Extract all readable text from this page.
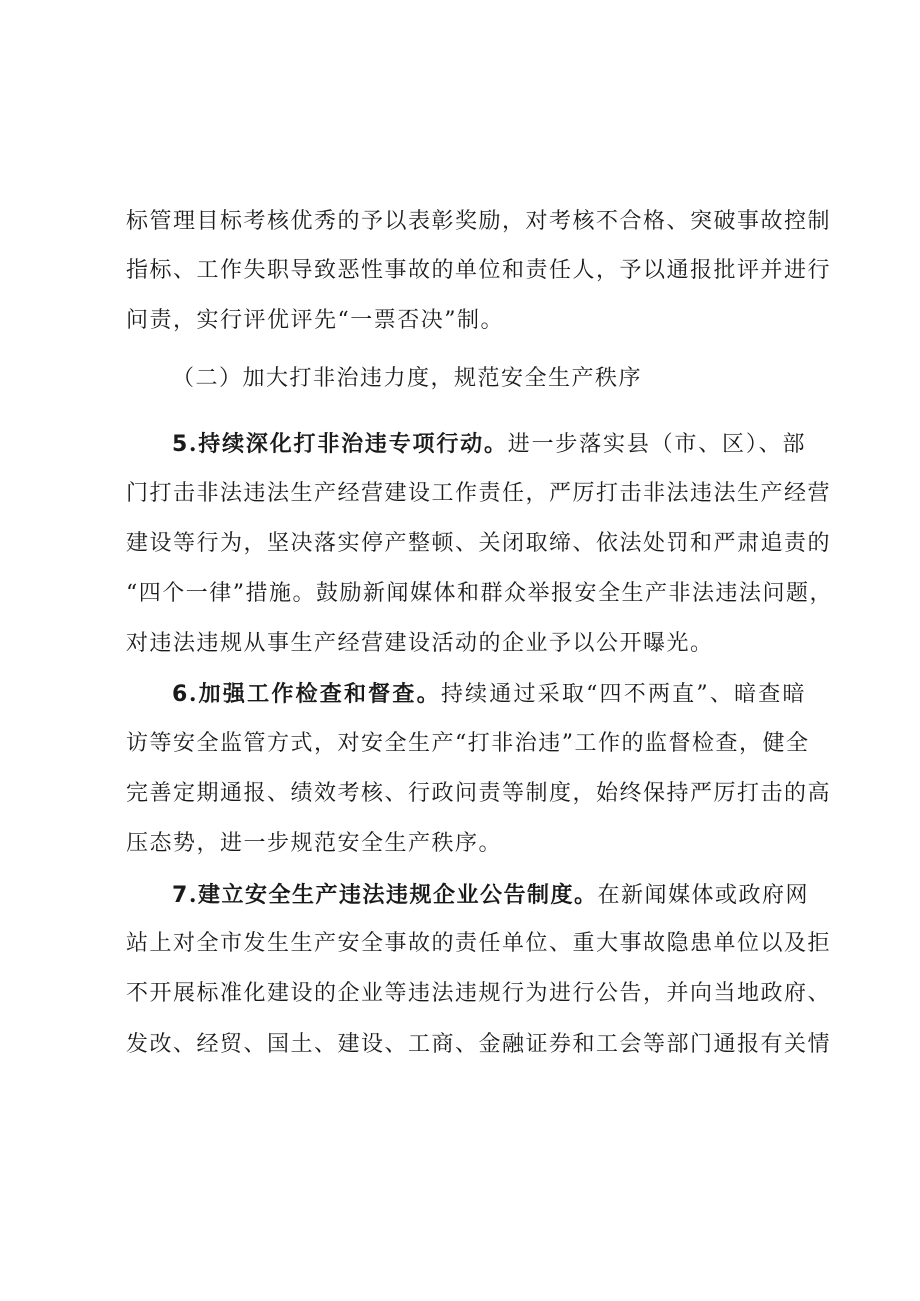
标管理目标考核优秀的予以表彰奖励，对考核不合格、突破事故控制
指标、工作失职导致恶性事故的单位和责任人，予以通报批评并进行
问责，实行评优评先“一票否决”制。
（二）加大打非治违力度，规范安全生产秩序
5.持续深化打非治违专项行动。进一步落实县（市、区）、部
门打击非法违法生产经营建设工作责任，严厉打击非法违法生产经营
建设等行为，坚决落实停产整顿、关闭取缔、依法处罚和严肃追责的
“四个一律”措施。鼓励新闻媒体和群众举报安全生产非法违法问题，
对违法违规从事生产经营建设活动的企业予以公开曝光。
6.加强工作检查和督查。持续通过采取“四不两直”、暗查暗
访等安全监管方式，对安全生产“打非治违”工作的监督检查，健全
完善定期通报、绩效考核、行政问责等制度，始终保持严厉打击的高
压态势，进一步规范安全生产秩序。
7.建立安全生产违法违规企业公告制度。在新闻媒体或政府网
站上对全市发生生产安全事故的责任单位、重大事故隐患单位以及拒
不开展标准化建设的企业等违法违规行为进行公告，并向当地政府、
发改、经贸、国土、建设、工商、金融证券和工会等部门通报有关情
